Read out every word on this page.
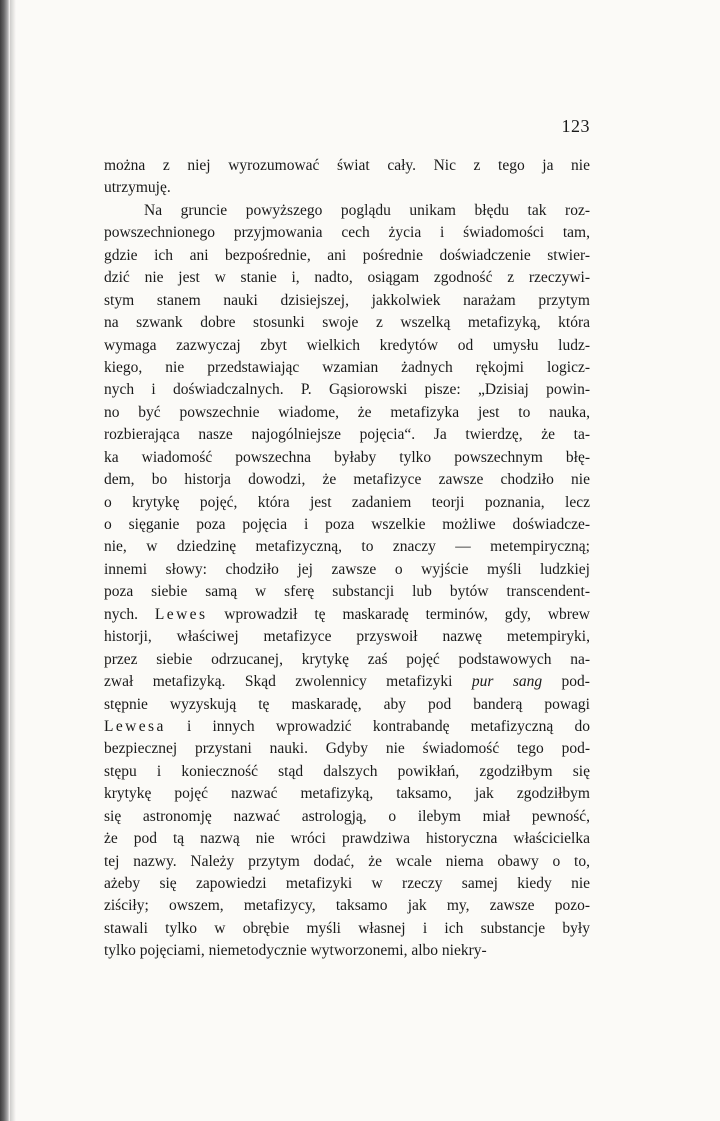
123
można z niej wyrozumować świat cały. Nic z tego ja nie
utrzymuję.
Na gruncie powyższego poglądu unikam błędu tak roz-
powszechnionego przyjmowania cech życia i świadomości tam,
gdzie ich ani bezpośrednie, ani pośrednie doświadczenie stwier-
dzić nie jest w stanie i, nadto, osiągam zgodność z rzeczywi-
stym stanem nauki dzisiejszej, jakkolwiek narażam przytym
na szwank dobre stosunki swoje z wszelką metafizyką, która
wymaga zazwyczaj zbyt wielkich kredytów od umysłu ludz-
kiego, nie przedstawiając wzamian żadnych rękojmi logicz-
nych i doświadczalnych. P. Gąsiorowski pisze: „Dzisiaj powin-
no być powszechnie wiadome, że metafizyka jest to nauka,
rozbierająca nasze najogólniejsze pojęcia“. Ja twierdzę, że ta-
ka wiadomość powszechna byłaby tylko powszechnym błę-
dem, bo historja dowodzi, że metafizyce zawsze chodziło nie
o krytykę pojęć, która jest zadaniem teorji poznania, lecz
o sięganie poza pojęcia i poza wszelkie możliwe doświadcze-
nie, w dziedzinę metafizyczną, to znaczy — metempiryczną;
innemi słowy: chodziło jej zawsze o wyjście myśli ludzkiej
poza siebie samą w sferę substancji lub bytów transcendent-
nych. Lewes wprowadził tę maskaradę terminów, gdy, wbrew
historji, właściwej metafizyce przyswoił nazwę metempiryki,
przez siebie odrzucanej, krytykę zaś pojęć podstawowych na-
zwał metafizyką. Skąd zwolennicy metafizyki pur sang pod-
stępnie wyzyskują tę maskaradę, aby pod banderą powagi
Lewesa i innych wprowadzić kontrabandę metafizyczną do
bezpiecznej przystani nauki. Gdyby nie świadomość tego pod-
stępu i konieczność stąd dalszych powikłań, zgodziłbym się
krytykę pojęć nazwać metafizyką, taksamo, jak zgodziłbym
się astronomję nazwać astrologją, o ilebym miał pewność,
że pod tą nazwą nie wróci prawdziwa historyczna właścicielka
tej nazwy. Należy przytym dodać, że wcale niema obawy o to,
ażeby się zapowiedzi metafizyki w rzeczy samej kiedy nie
ziściły; owszem, metafizycy, taksamo jak my, zawsze pozo-
stawali tylko w obrębie myśli własnej i ich substancje były
tylko pojęciami, niemetodycznie wytworzonemi, albo niekry-
